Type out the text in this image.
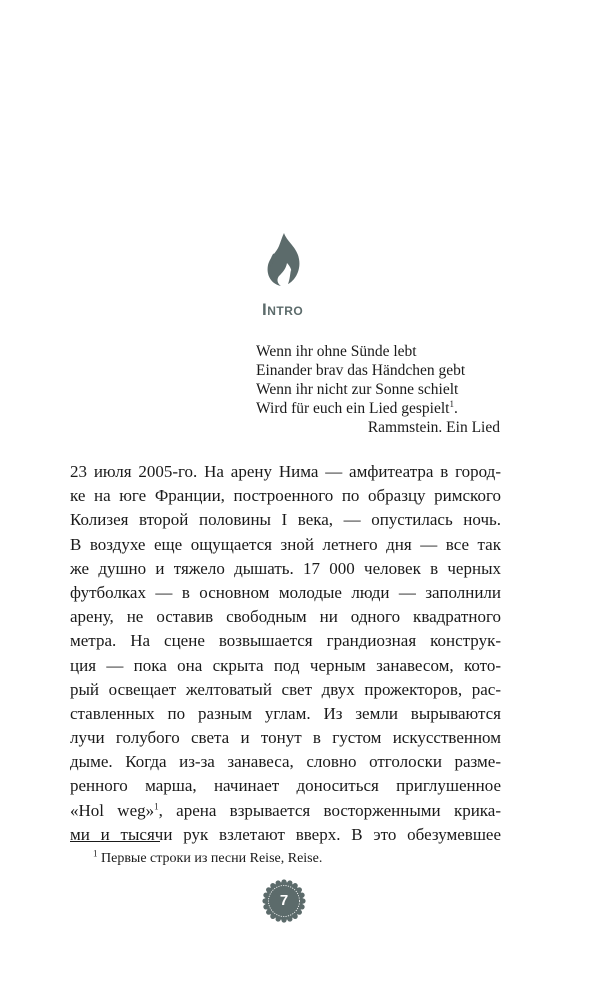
Intro
Wenn ihr ohne Sünde lebt
Einander brav das Händchen gebt
Wenn ihr nicht zur Sonne schielt
Wird für euch ein Lied gespielt$^1$.
Rammstein. Ein Lied
23 июля 2005-го. На арену Нима — амфитеатра в город-
ке на юге Франции, построенного по образцу римского
Колизея второй половины I века, — опустилась ночь.
В воздухе еще ощущается зной летнего дня — все так
же душно и тяжело дышать. 17 000 человек в черных
футболках — в основном молодые люди — заполнили
арену, не оставив свободным ни одного квадратного
метра. На сцене возвышается грандиозная конструк-
ция — пока она скрыта под черным занавесом, кото-
рый освещает желтоватый свет двух прожекторов, рас-
ставленных по разным углам. Из земли вырываются
лучи голубого света и тонут в густом искусственном
дыме. Когда из-за занавеса, словно отголоски разме-
ренного марша, начинает доноситься приглушенное
«Hol weg»$^1$, арена взрывается восторженными крика-
ми и тысячи рук взлетают вверх. В это обезумевшее
$^1$ Первые строки из песни Reise, Reise.
7
